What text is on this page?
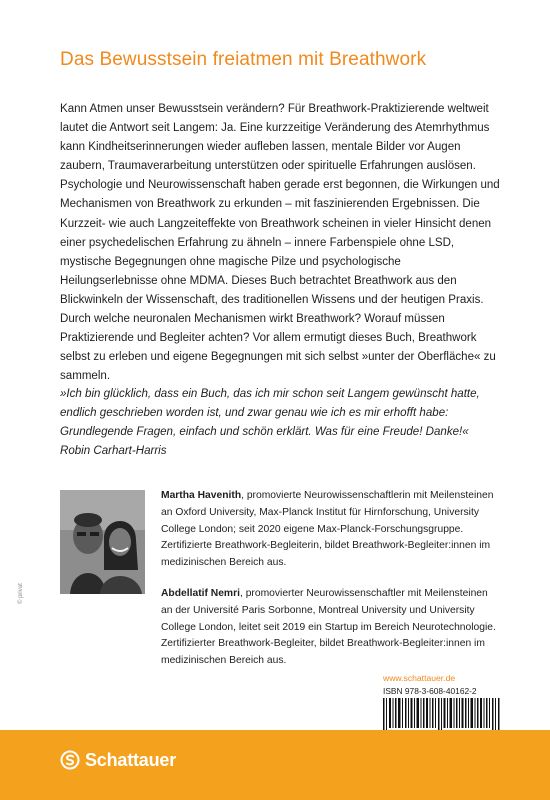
Das Bewusstsein freiatmen mit Breathwork

Kann Atmen unser Bewusstsein verändern? Für Breathwork-Praktizierende weltweit lautet die Antwort seit Langem: Ja. Eine kurzzeitige Veränderung des Atemrhythmus kann Kindheitserinnerungen wieder aufleben lassen, mentale Bilder vor Augen zaubern, Traumaverarbeitung unterstützen oder spirituelle Erfahrungen auslösen.

Psychologie und Neurowissenschaft haben gerade erst begonnen, die Wirkungen und Mechanismen von Breathwork zu erkunden – mit faszinierenden Ergebnissen. Die Kurzzeit- wie auch Langzeiteffekte von Breathwork scheinen in vieler Hinsicht denen einer psychedelischen Erfahrung zu ähneln – innere Farbenspiele ohne LSD, mystische Begegnungen ohne magische Pilze und psychologische Heilungserlebnisse ohne MDMA. Dieses Buch betrachtet Breathwork aus den Blickwinkeln der Wissenschaft, des traditionellen Wissens und der heutigen Praxis. Durch welche neuronalen Mechanismen wirkt Breathwork? Worauf müssen Praktizierende und Begleiter achten? Vor allem ermutigt dieses Buch, Breathwork selbst zu erleben und eigene Begegnungen mit sich selbst »unter der Oberfläche« zu sammeln.

»Ich bin glücklich, dass ein Buch, das ich mir schon seit Langem gewünscht hatte, endlich geschrieben worden ist, und zwar genau wie ich es mir erhofft habe: Grundlegende Fragen, einfach und schön erklärt. Was für eine Freude! Danke!«
Robin Carhart-Harris
© privat

Martha Havenith, promovierte Neurowissenschaftlerin mit Meilensteinen an Oxford University, Max-Planck Institut für Hirnforschung, University College London; seit 2020 eigene Max-Planck-Forschungsgruppe. Zertifizierte Breathwork-Begleiterin, bildet Breathwork-Begleiter:innen im medizinischen Bereich aus.

Abdellatif Nemri, promovierter Neurowissenschaftler mit Meilensteinen an der Université Paris Sorbonne, Montreal University und University College London, leitet seit 2019 ein Startup im Bereich Neurotechnologie. Zertifizierter Breathwork-Begleiter, bildet Breathwork-Begleiter:innen im medizinischen Bereich aus.

www.schattauer.de
ISBN 978-3-608-40162-2
Schattauer
